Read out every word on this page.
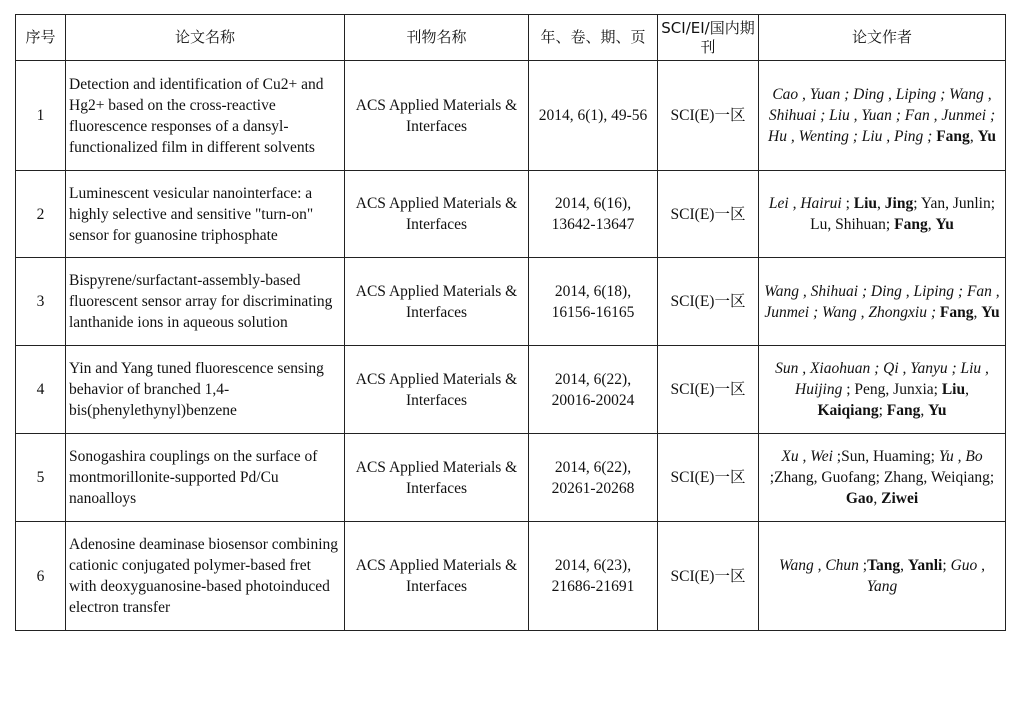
序号	论文名称	刊物名称	年、卷、期、页	SCI/EI/国内期刊	论文作者
1	Detection and identification of Cu2+ and Hg2+ based on the cross-reactive fluorescence responses of a dansyl-functionalized film in different solvents	ACS Applied Materials & Interfaces	2014, 6(1), 49-56	SCI(E)一区	Cao , Yuan ; Ding , Liping ; Wang , Shihuai ; Liu , Yuan ; Fan , Junmei ; Hu , Wenting ; Liu , Ping ; Fang, Yu
2	Luminescent vesicular nanointerface: a highly selective and sensitive "turn-on" sensor for guanosine triphosphate	ACS Applied Materials & Interfaces	2014, 6(16), 13642-13647	SCI(E)一区	Lei , Hairui ; Liu, Jing; Yan, Junlin; Lu, Shihuan; Fang, Yu
3	Bispyrene/surfactant-assembly-based fluorescent sensor array for discriminating lanthanide ions in aqueous solution	ACS Applied Materials & Interfaces	2014, 6(18), 16156-16165	SCI(E)一区	Wang , Shihuai ; Ding , Liping ; Fan , Junmei ; Wang , Zhongxiu ; Fang, Yu
4	Yin and Yang tuned fluorescence sensing behavior of branched 1,4-bis(phenylethynyl)benzene	ACS Applied Materials & Interfaces	2014, 6(22), 20016-20024	SCI(E)一区	Sun , Xiaohuan ; Qi , Yanyu ; Liu , Huijing ; Peng, Junxia; Liu, Kaiqiang; Fang, Yu
5	Sonogashira couplings on the surface of montmorillonite-supported Pd/Cu nanoalloys	ACS Applied Materials & Interfaces	2014, 6(22), 20261-20268	SCI(E)一区	Xu , Wei ;Sun, Huaming; Yu , Bo ;Zhang, Guofang; Zhang, Weiqiang; Gao, Ziwei
6	Adenosine deaminase biosensor combining cationic conjugated polymer-based fret with deoxyguanosine-based photoinduced electron transfer	ACS Applied Materials & Interfaces	2014, 6(23), 21686-21691	SCI(E)一区	Wang , Chun ;Tang, Yanli; Guo , Yang
